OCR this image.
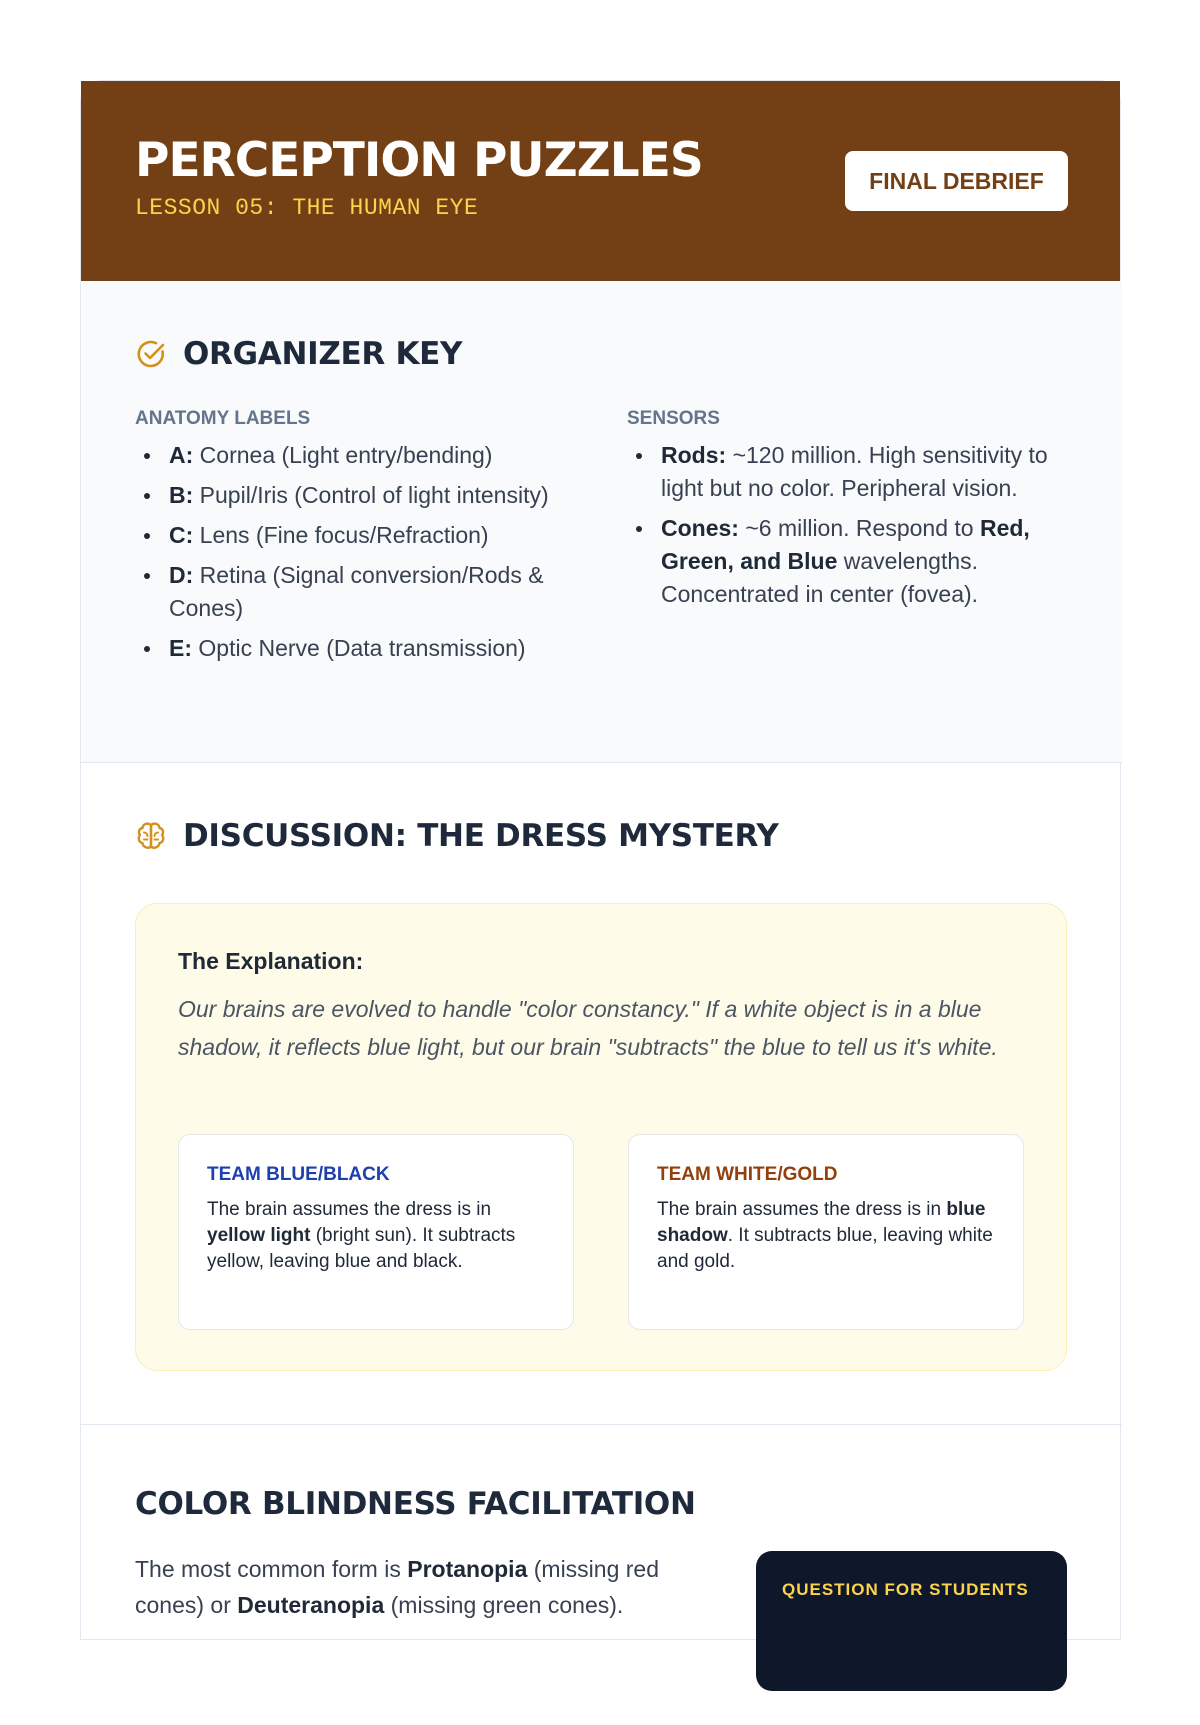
PERCEPTION PUZZLES
LESSON 05: THE HUMAN EYE
FINAL DEBRIEF
ORGANIZER KEY
ANATOMY LABELS
A: Cornea (Light entry/bending)
B: Pupil/Iris (Control of light intensity)
C: Lens (Fine focus/Refraction)
D: Retina (Signal conversion/Rods & Cones)
E: Optic Nerve (Data transmission)
SENSORS
Rods: ~120 million. High sensitivity to light but no color. Peripheral vision.
Cones: ~6 million. Respond to Red, Green, and Blue wavelengths. Concentrated in center (fovea).
DISCUSSION: THE DRESS MYSTERY
The Explanation:
Our brains are evolved to handle "color constancy." If a white object is in a blue shadow, it reflects blue light, but our brain "subtracts" the blue to tell us it's white.
TEAM BLUE/BLACK
The brain assumes the dress is in yellow light (bright sun). It subtracts yellow, leaving blue and black.
TEAM WHITE/GOLD
The brain assumes the dress is in blue shadow. It subtracts blue, leaving white and gold.
COLOR BLINDNESS FACILITATION
The most common form is Protanopia (missing red cones) or Deuteranopia (missing green cones).
QUESTION FOR STUDENTS
